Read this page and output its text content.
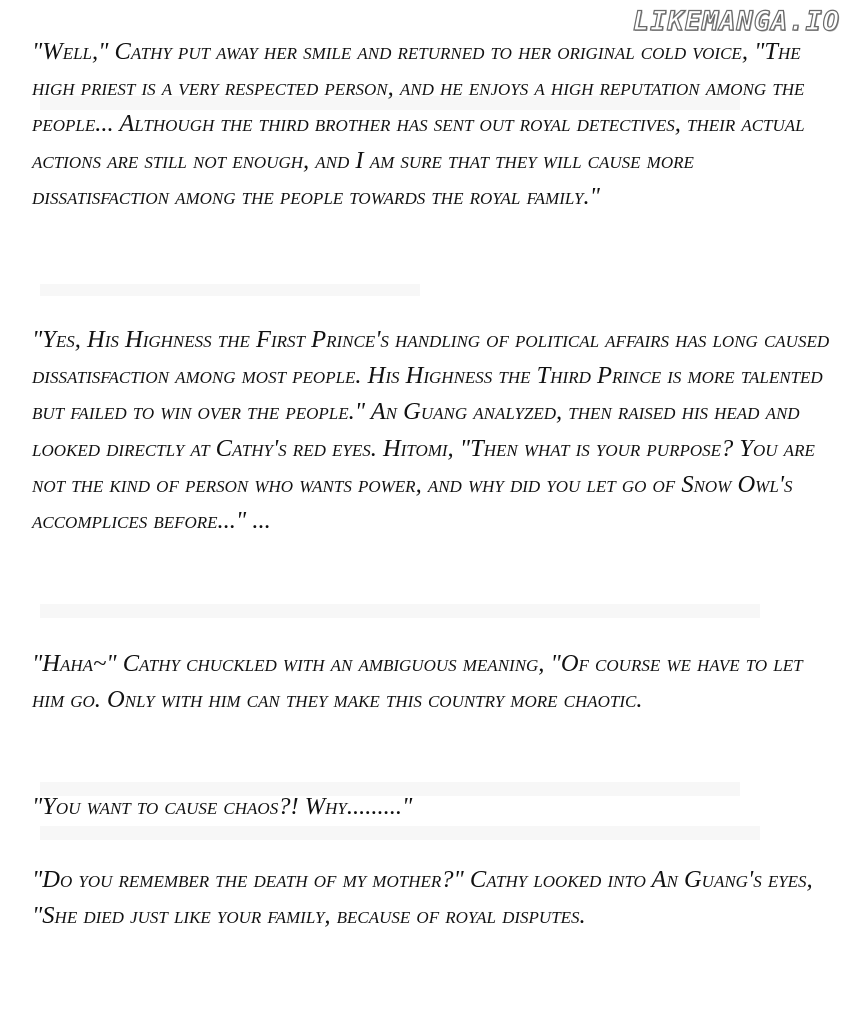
LIKEMANGA.IO

"Well," Cathy put away her smile and returned to her original cold voice, "The high priest is a very respected person, and he enjoys a high reputation among the people... Although the third brother has sent out royal detectives, their actual actions are still not enough, and I am sure that they will cause more dissatisfaction among the people towards the royal family."

"Yes, His Highness the First Prince's handling of political affairs has long caused dissatisfaction among most people. His Highness the Third Prince is more talented but failed to win over the people." An Guang analyzed, then raised his head and looked directly at Cathy's red eyes. Hitomi, "Then what is your purpose? You are not the kind of person who wants power, and why did you let go of Snow Owl's accomplices before..." ...

"Haha~" Cathy chuckled with an ambiguous meaning, "Of course we have to let him go. Only with him can they make this country more chaotic.

"You want to cause chaos?! Why........."

"Do you remember the death of my mother?" Cathy looked into An Guang's eyes, "She died just like your family, because of royal disputes.
